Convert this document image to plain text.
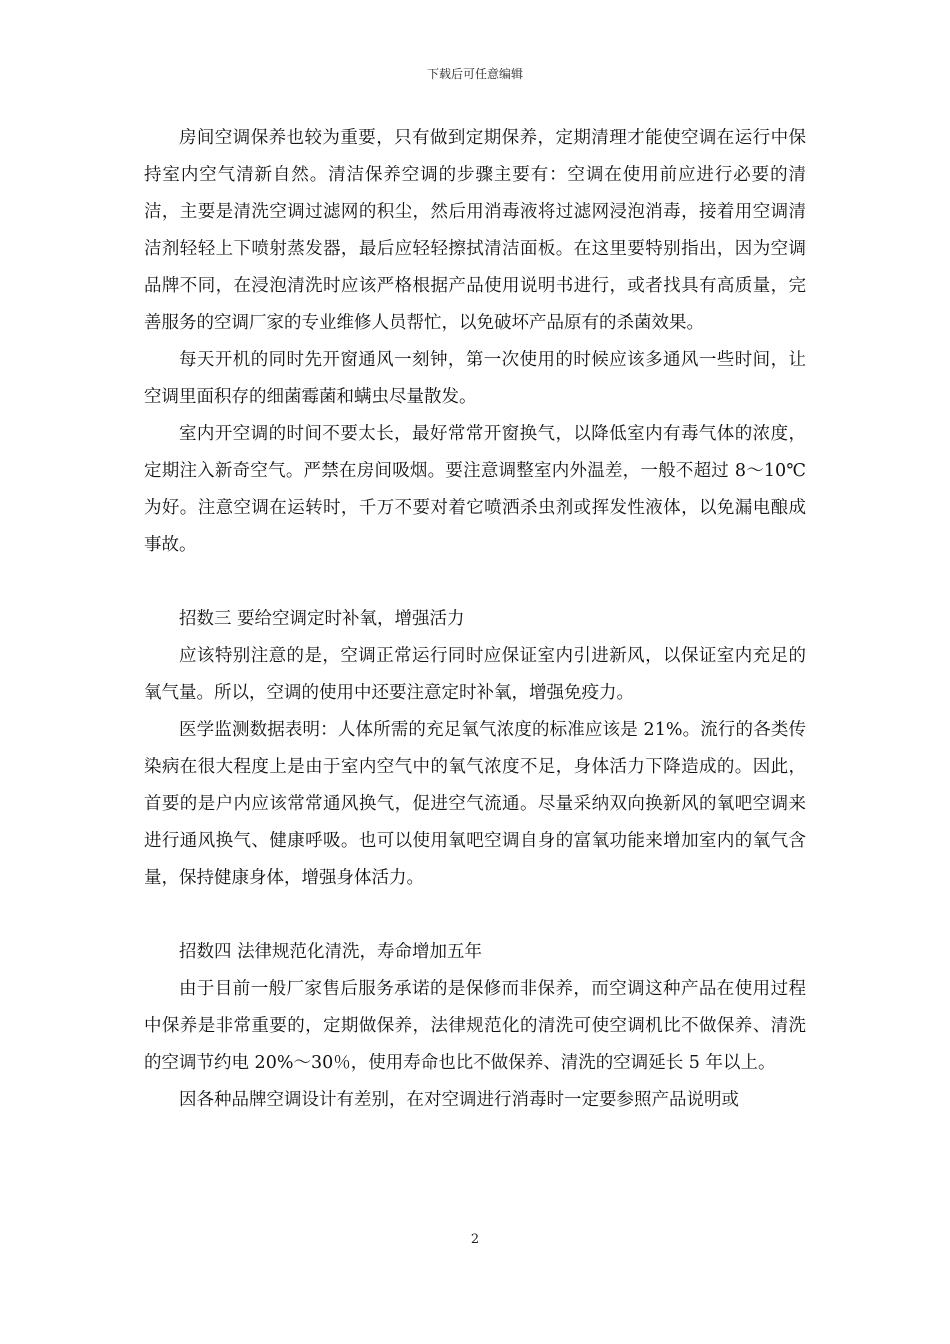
下载后可任意编辑

房间空调保养也较为重要，只有做到定期保养，定期清理才能使空调在运行中保持室内空气清新自然。清洁保养空调的步骤主要有：空调在使用前应进行必要的清洁，主要是清洗空调过滤网的积尘，然后用消毒液将过滤网浸泡消毒，接着用空调清洁剂轻轻上下喷射蒸发器，最后应轻轻擦拭清洁面板。在这里要特别指出，因为空调品牌不同，在浸泡清洗时应该严格根据产品使用说明书进行，或者找具有高质量，完善服务的空调厂家的专业维修人员帮忙，以免破坏产品原有的杀菌效果。

每天开机的同时先开窗通风一刻钟，第一次使用的时候应该多通风一些时间，让空调里面积存的细菌霉菌和螨虫尽量散发。

室内开空调的时间不要太长，最好常常开窗换气，以降低室内有毒气体的浓度，定期注入新奇空气。严禁在房间吸烟。要注意调整室内外温差，一般不超过 8～10℃为好。注意空调在运转时，千万不要对着它喷洒杀虫剂或挥发性液体，以免漏电酿成事故。

招数三 要给空调定时补氧，增强活力

应该特别注意的是，空调正常运行同时应保证室内引进新风，以保证室内充足的氧气量。所以，空调的使用中还要注意定时补氧，增强免疫力。

医学监测数据表明：人体所需的充足氧气浓度的标准应该是 21%。流行的各类传染病在很大程度上是由于室内空气中的氧气浓度不足，身体活力下降造成的。因此，首要的是户内应该常常通风换气，促进空气流通。尽量采纳双向换新风的氧吧空调来进行通风换气、健康呼吸。也可以使用氧吧空调自身的富氧功能来增加室内的氧气含量，保持健康身体，增强身体活力。

招数四 法律规范化清洗，寿命增加五年

由于目前一般厂家售后服务承诺的是保修而非保养，而空调这种产品在使用过程中保养是非常重要的，定期做保养，法律规范化的清洗可使空调机比不做保养、清洗的空调节约电 20%～30％，使用寿命也比不做保养、清洗的空调延长 5 年以上。

因各种品牌空调设计有差别，在对空调进行消毒时一定要参照产品说明或

2
